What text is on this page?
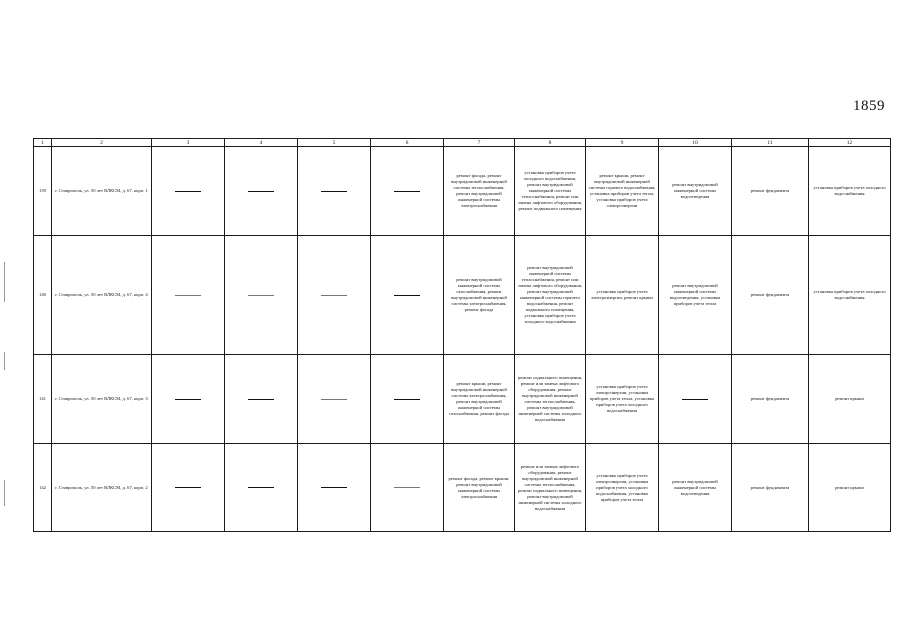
1859
1	2	3	4	5	6	7	8	9	10	11	12
139	г. Ставрополь, ул. 50 лет ВЛКСМ, д. 67, корп. 1					ремонт фасада, ремонт внутридомовой инженерной системы теплоснабжения, ремонт внутридомовой инженерной системы электроснабжения	установка приборов учета холодного водоснабжения, ремонт внутридомовой инженерной системы теплоснабжения, ремонт или замена лифтового оборудования, ремонт подвального помещения	ремонт крыши, ремонт внутридомовой инженерной системы горячего водоснабжения, установка приборов учета тепла, установка приборов учета электроэнергии	ремонт внутридомовой инженерной системы водоотведения	ремонт фундамента	установка приборов учета холодного водоснабжения
140	г. Ставрополь, ул. 50 лет ВЛКСМ, д. 67, корп. 4					ремонт внутридомовой инженерной системы газоснабжения, ремонт внутридомовой инженерной системы электроснабжения, ремонт фасада	ремонт внутридомовой инженерной системы теплоснабжения, ремонт или замена лифтового оборудования, ремонт внутридомовой инженерной системы горячего водоснабжения, ремонт подвального помещения, установка приборов учета холодного водоснабжения	установка приборов учета электроэнергии, ремонт крыши	ремонт внутридомовой инженерной системы водоотведения, установка приборов учета тепла	ремонт фундамента	установка приборов учета холодного водоснабжения
141	г. Ставрополь, ул. 50 лет ВЛКСМ, д. 67, корп. 3					ремонт крыши, ремонт внутридомовой инженерной системы электроснабжения, ремонт внутридомовой инженерной системы газоснабжения, ремонт фасада	ремонт подвального помещения, ремонт или замена лифтового оборудования, ремонт внутридомовой инженерной системы теплоснабжения, ремонт внутридомовой инженерной системы холодного водоснабжения	установка приборов учета электроэнергии, установка приборов учета тепла, установка приборов учета холодного водоснабжения		ремонт фундамента	ремонт крыши
142	г. Ставрополь, ул. 50 лет ВЛКСМ, д. 67, корп. 2					ремонт фасада, ремонт крыши, ремонт внутридомовой инженерной системы электроснабжения	ремонт или замена лифтового оборудования, ремонт внутридомовой инженерной системы теплоснабжения, ремонт подвального помещения, ремонт внутридомовой инженерной системы холодного водоснабжения	установка приборов учета электроэнергии, установка приборов учета холодного водоснабжения, установка приборов учета тепла	ремонт внутридомовой инженерной системы водоотведения	ремонт фундамента	ремонт крыши
